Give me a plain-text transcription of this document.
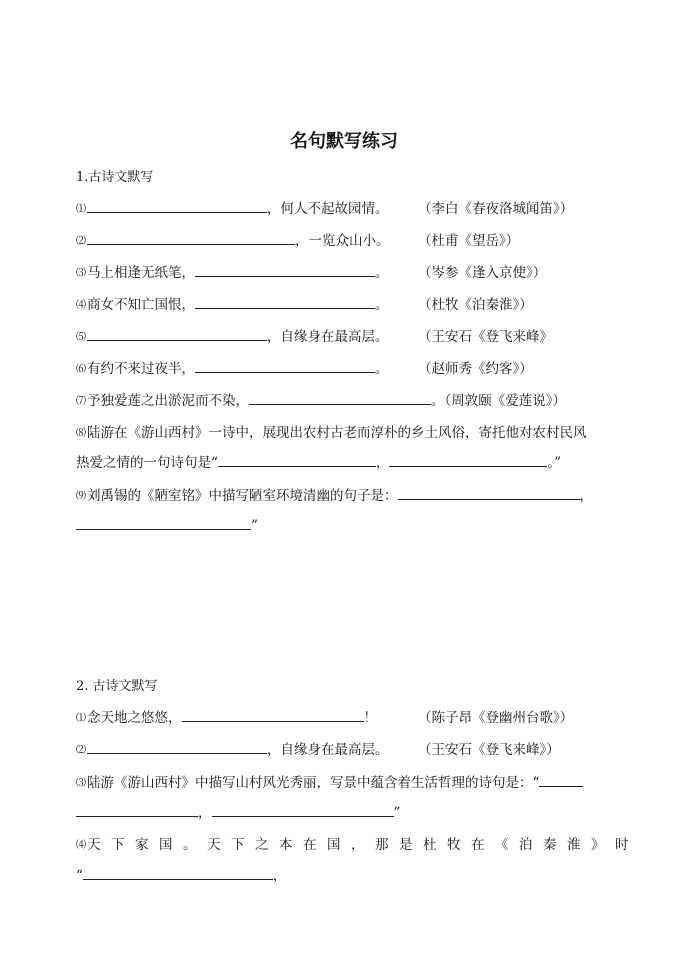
名句默写练习
1.古诗文默写
⑴	，何人不起故园情。 （李白《春夜洛城闻笛》）
⑵	，一览众山小。 （杜甫《望岳》）
⑶马上相逢无纸笔，	。 （岑参《逢入京使》）
⑷商女不知亡国恨，	。 （杜牧《泊秦淮》）
⑸	，自缘身在最高层。 （王安石《登飞来峰》
⑹有约不来过夜半，	。 （赵师秀《约客》）
⑺予独爱莲之出淤泥而不染，	。（周敦颐《爱莲说》）
⑻陆游在《游山西村》一诗中，展现出农村古老而淳朴的乡土风俗，寄托他对农村民风
热爱之情的一句诗句是“	，	。”
⑼刘禹锡的《陋室铭》中描写陋室环境清幽的句子是：	，
”
2. 古诗文默写
⑴念天地之悠悠，	！	（陈子昂《登幽州台歌》）
⑵	，自缘身在最高层。 （王安石《登飞来峰》）
⑶陆游《游山西村》中描写山村风光秀丽，写景中蕴含着生活哲理的诗句是：“
，	”
⑷天下家国。天下之本在国，那是杜牧在《泊秦淮》时
“	，
